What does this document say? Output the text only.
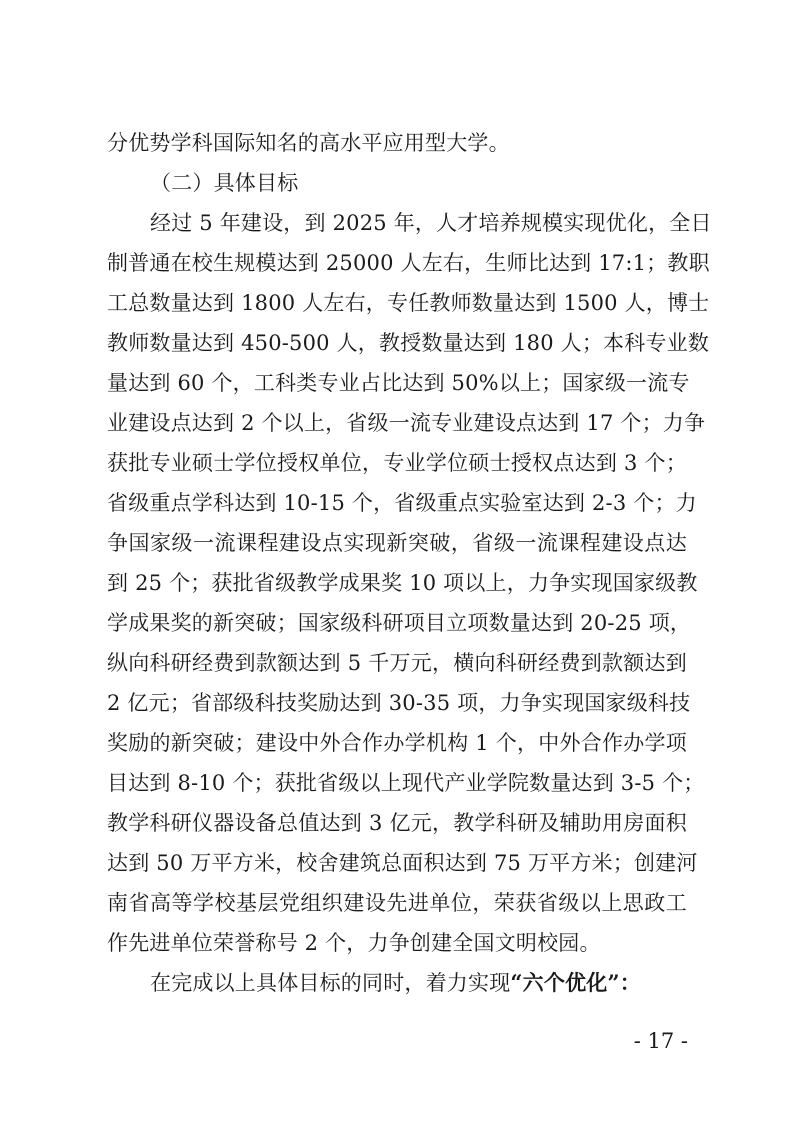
分优势学科国际知名的高水平应用型大学。
（二）具体目标
经过 5 年建设，到 2025 年，人才培养规模实现优化，全日
制普通在校生规模达到 25000 人左右，生师比达到 17:1；教职
工总数量达到 1800 人左右，专任教师数量达到 1500 人，博士
教师数量达到 450-500 人，教授数量达到 180 人；本科专业数
量达到 60 个，工科类专业占比达到 50%以上；国家级一流专
业建设点达到 2 个以上，省级一流专业建设点达到 17 个；力争
获批专业硕士学位授权单位，专业学位硕士授权点达到 3 个；
省级重点学科达到 10-15 个，省级重点实验室达到 2-3 个；力
争国家级一流课程建设点实现新突破，省级一流课程建设点达
到 25 个；获批省级教学成果奖 10 项以上，力争实现国家级教
学成果奖的新突破；国家级科研项目立项数量达到 20-25 项，
纵向科研经费到款额达到 5 千万元，横向科研经费到款额达到
2 亿元；省部级科技奖励达到 30-35 项，力争实现国家级科技
奖励的新突破；建设中外合作办学机构 1 个，中外合作办学项
目达到 8-10 个；获批省级以上现代产业学院数量达到 3-5 个；
教学科研仪器设备总值达到 3 亿元，教学科研及辅助用房面积
达到 50 万平方米，校舍建筑总面积达到 75 万平方米；创建河
南省高等学校基层党组织建设先进单位，荣获省级以上思政工
作先进单位荣誉称号 2 个，力争创建全国文明校园。
在完成以上具体目标的同时，着力实现“六个优化”：
- 17 -
